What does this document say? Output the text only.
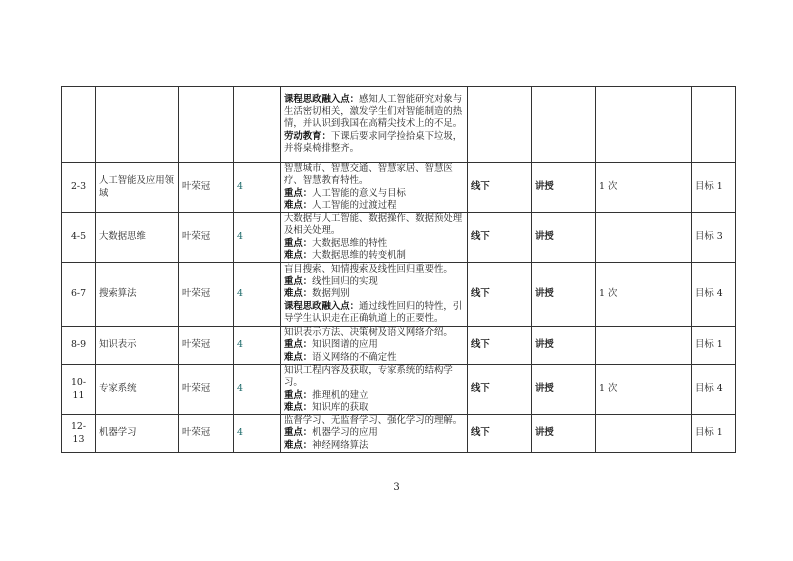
				课程思政融入点：感知人工智能研究对象与生活密切相关，激发学生们对智能制造的热情，并认识到我国在高精尖技术上的不足。
劳动教育：下课后要求同学捡拾桌下垃圾，并将桌椅排整齐。				

2-3	人工智能及应用领域	叶荣冠	4	智慧城市、智慧交通、智慧家居、智慧医疗、智慧教育特性。
重点：人工智能的意义与目标
难点：人工智能的过渡过程	线下	讲授	1 次	目标 1
4-5	大数据思维	叶荣冠	4	大数据与人工智能、数据操作、数据预处理及相关处理。
重点：大数据思维的特性
难点：大数据思维的转变机制	线下	讲授		目标 3
6-7	搜索算法	叶荣冠	4	盲目搜索、知情搜索及线性回归重要性。
重点：线性回归的实现
难点：数据判别
课程思政融入点：通过线性回归的特性，引导学生认识走在正确轨道上的正要性。	线下	讲授	1 次	目标 4
8-9	知识表示	叶荣冠	4	知识表示方法、决策树及语义网络介绍。
重点：知识图谱的应用
难点：语义网络的不确定性	线下	讲授		目标 1
10-11	专家系统	叶荣冠	4	知识工程内容及获取，专家系统的结构学习。
重点：推理机的建立
难点：知识库的获取	线下	讲授	1 次	目标 4
12-13	机器学习	叶荣冠	4	监督学习、无监督学习、强化学习的理解。
重点：机器学习的应用
难点：神经网络算法	线下	讲授		目标 1
3
